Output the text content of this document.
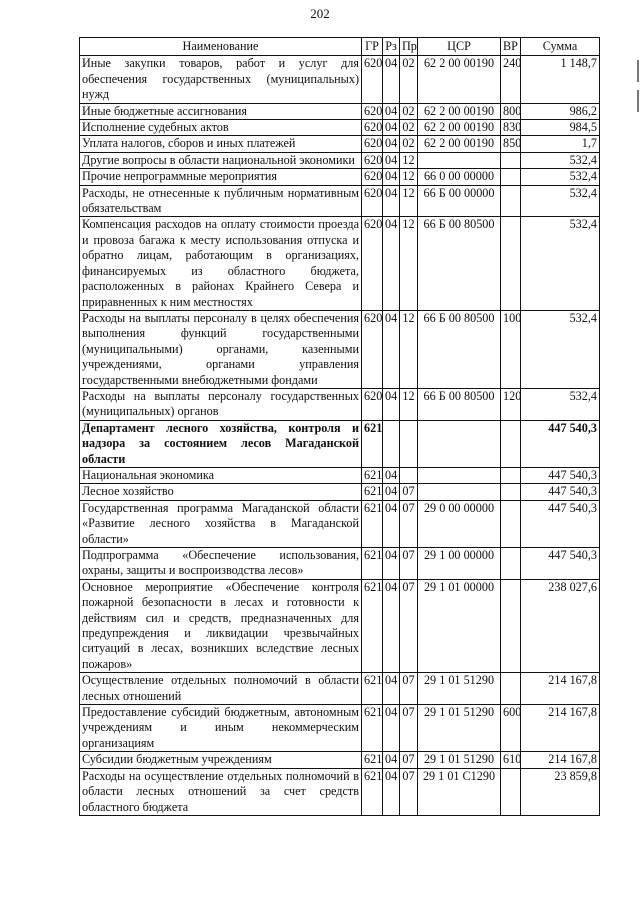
202
Наименование	ГР	Рз	Пр	ЦСР	ВР	Сумма
Иные закупки товаров, работ и услуг для обеспечения государственных (муниципальных) нужд	620	04	02	62 2 00 00190	240	1 148,7
Иные бюджетные ассигнования	620	04	02	62 2 00 00190	800	986,2
Исполнение судебных актов	620	04	02	62 2 00 00190	830	984,5
Уплата налогов, сборов и иных платежей	620	04	02	62 2 00 00190	850	1,7
Другие вопросы в области национальной экономики	620	04	12			532,4
Прочие непрограммные мероприятия	620	04	12	66 0 00 00000		532,4
Расходы, не отнесенные к публичным нормативным обязательствам	620	04	12	66 Б 00 00000		532,4
Компенсация расходов на оплату стоимости проезда и провоза багажа к месту использования отпуска и обратно лицам, работающим в организациях, финансируемых из областного бюджета, расположенных в районах Крайнего Севера и приравненных к ним местностях	620	04	12	66 Б 00 80500		532,4
Расходы на выплаты персоналу в целях обеспечения выполнения функций государственными (муниципальными) органами, казенными учреждениями, органами управления государственными внебюджетными фондами	620	04	12	66 Б 00 80500	100	532,4
Расходы на выплаты персоналу государственных (муниципальных) органов	620	04	12	66 Б 00 80500	120	532,4
Департамент лесного хозяйства, контроля и надзора за состоянием лесов Магаданской области	621					447 540,3
Национальная экономика	621	04				447 540,3
Лесное хозяйство	621	04	07			447 540,3
Государственная программа Магаданской области «Развитие лесного хозяйства в Магаданской области»	621	04	07	29 0 00 00000		447 540,3
Подпрограмма «Обеспечение использования, охраны, защиты и воспроизводства лесов»	621	04	07	29 1 00 00000		447 540,3
Основное мероприятие «Обеспечение контроля пожарной безопасности в лесах и готовности к действиям сил и средств, предназначенных для предупреждения и ликвидации чрезвычайных ситуаций в лесах, возникших вследствие лесных пожаров»	621	04	07	29 1 01 00000		238 027,6
Осуществление отдельных полномочий в области лесных отношений	621	04	07	29 1 01 51290		214 167,8
Предоставление субсидий бюджетным, автономным учреждениям и иным некоммерческим организациям	621	04	07	29 1 01 51290	600	214 167,8
Субсидии бюджетным учреждениям	621	04	07	29 1 01 51290	610	214 167,8
Расходы на осуществление отдельных полномочий в области лесных отношений за счет средств областного бюджета	621	04	07	29 1 01 С1290		23 859,8
